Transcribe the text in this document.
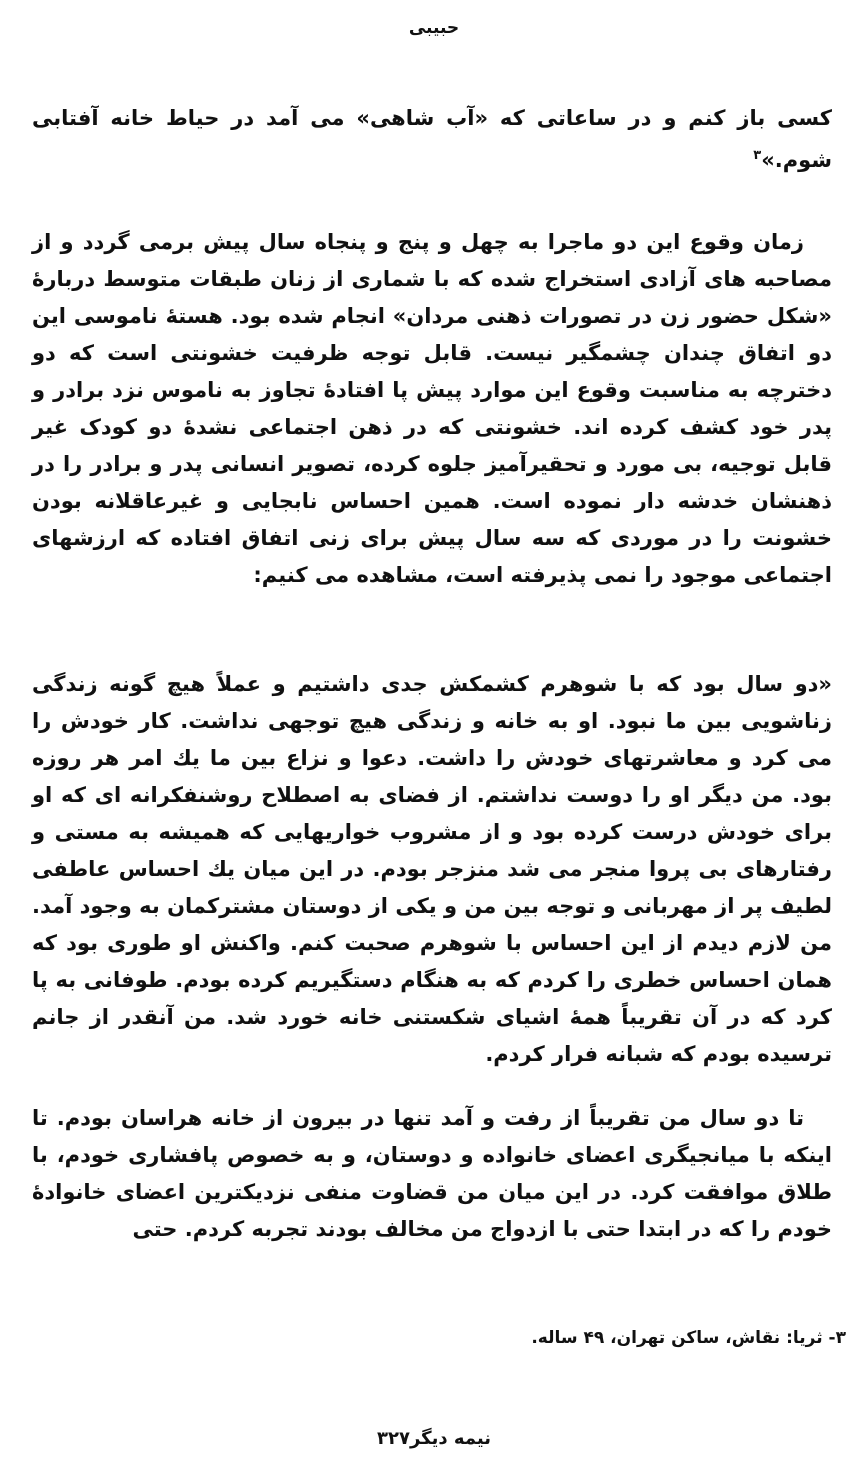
حبیبی
کسی باز کنم و در ساعاتی که «آب شاهی» می آمد در حیاط خانه آفتابی شوم.»$^۳$
زمان وقوع این دو ماجرا به چهل و پنج و پنجاه سال پیش برمی گردد و از مصاحبه های آزادی استخراج شده که با شماری از زنان طبقات متوسط دربارهٔ «شکل حضور زن در تصورات ذهنی مردان» انجام شده بود. هستهٔ ناموسی این دو اتفاق چندان چشمگیر نیست. قابل توجه ظرفیت خشونتی است که دو دخترچه به مناسبت وقوع این موارد پیش پا افتادهٔ تجاوز به ناموس نزد برادر و پدر خود کشف کرده اند. خشونتی که در ذهن اجتماعی نشدهٔ دو کودک غیر قابل توجیه، بی مورد و تحقیرآمیز جلوه کرده، تصویر انسانی پدر و برادر را در ذهنشان خدشه دار نموده است. همین احساس نابجایی و غیرعاقلانه بودن خشونت را در موردی که سه سال پیش برای زنی اتفاق افتاده که ارزشهای اجتماعی موجود را نمی پذیرفته است، مشاهده می کنیم:
«دو سال بود که با شوهرم کشمکش جدی داشتیم و عملاً هیچ گونه زندگی زناشویی بین ما نبود. او به خانه و زندگی هیچ توجهی نداشت. کار خودش را می کرد و معاشرتهای خودش را داشت. دعوا و نزاع بین ما یك امر هر روزه بود. من دیگر او را دوست نداشتم. از فضای به اصطلاح روشنفکرانه ای که او برای خودش درست کرده بود و از مشروب خواریهایی که همیشه به مستی و رفتارهای بی پروا منجر می شد منزجر بودم. در این میان یك احساس عاطفی لطیف پر از مهربانی و توجه بین من و یکی از دوستان مشترکمان به وجود آمد. من لازم دیدم از این احساس با شوهرم صحبت کنم. واکنش او طوری بود که همان احساس خطری را کردم که به هنگام دستگیریم کرده بودم. طوفانی به پا کرد که در آن تقریباً همهٔ اشیای شکستنی خانه خورد شد. من آنقدر از جانم ترسیده بودم که شبانه فرار کردم.
تا دو سال من تقریباً از رفت و آمد تنها در بیرون از خانه هراسان بودم. تا اینکه با میانجیگری اعضای خانواده و دوستان، و به خصوص پافشاری خودم، با طلاق موافقت کرد. در این میان من قضاوت منفی نزدیکترین اعضای خانوادهٔ خودم را که در ابتدا حتی با ازدواج من مخالف بودند تجربه کردم. حتی
۳- ثریا: نقاش، ساکن تهران، ۴۹ ساله.
نیمه دیگر۳۲۷
